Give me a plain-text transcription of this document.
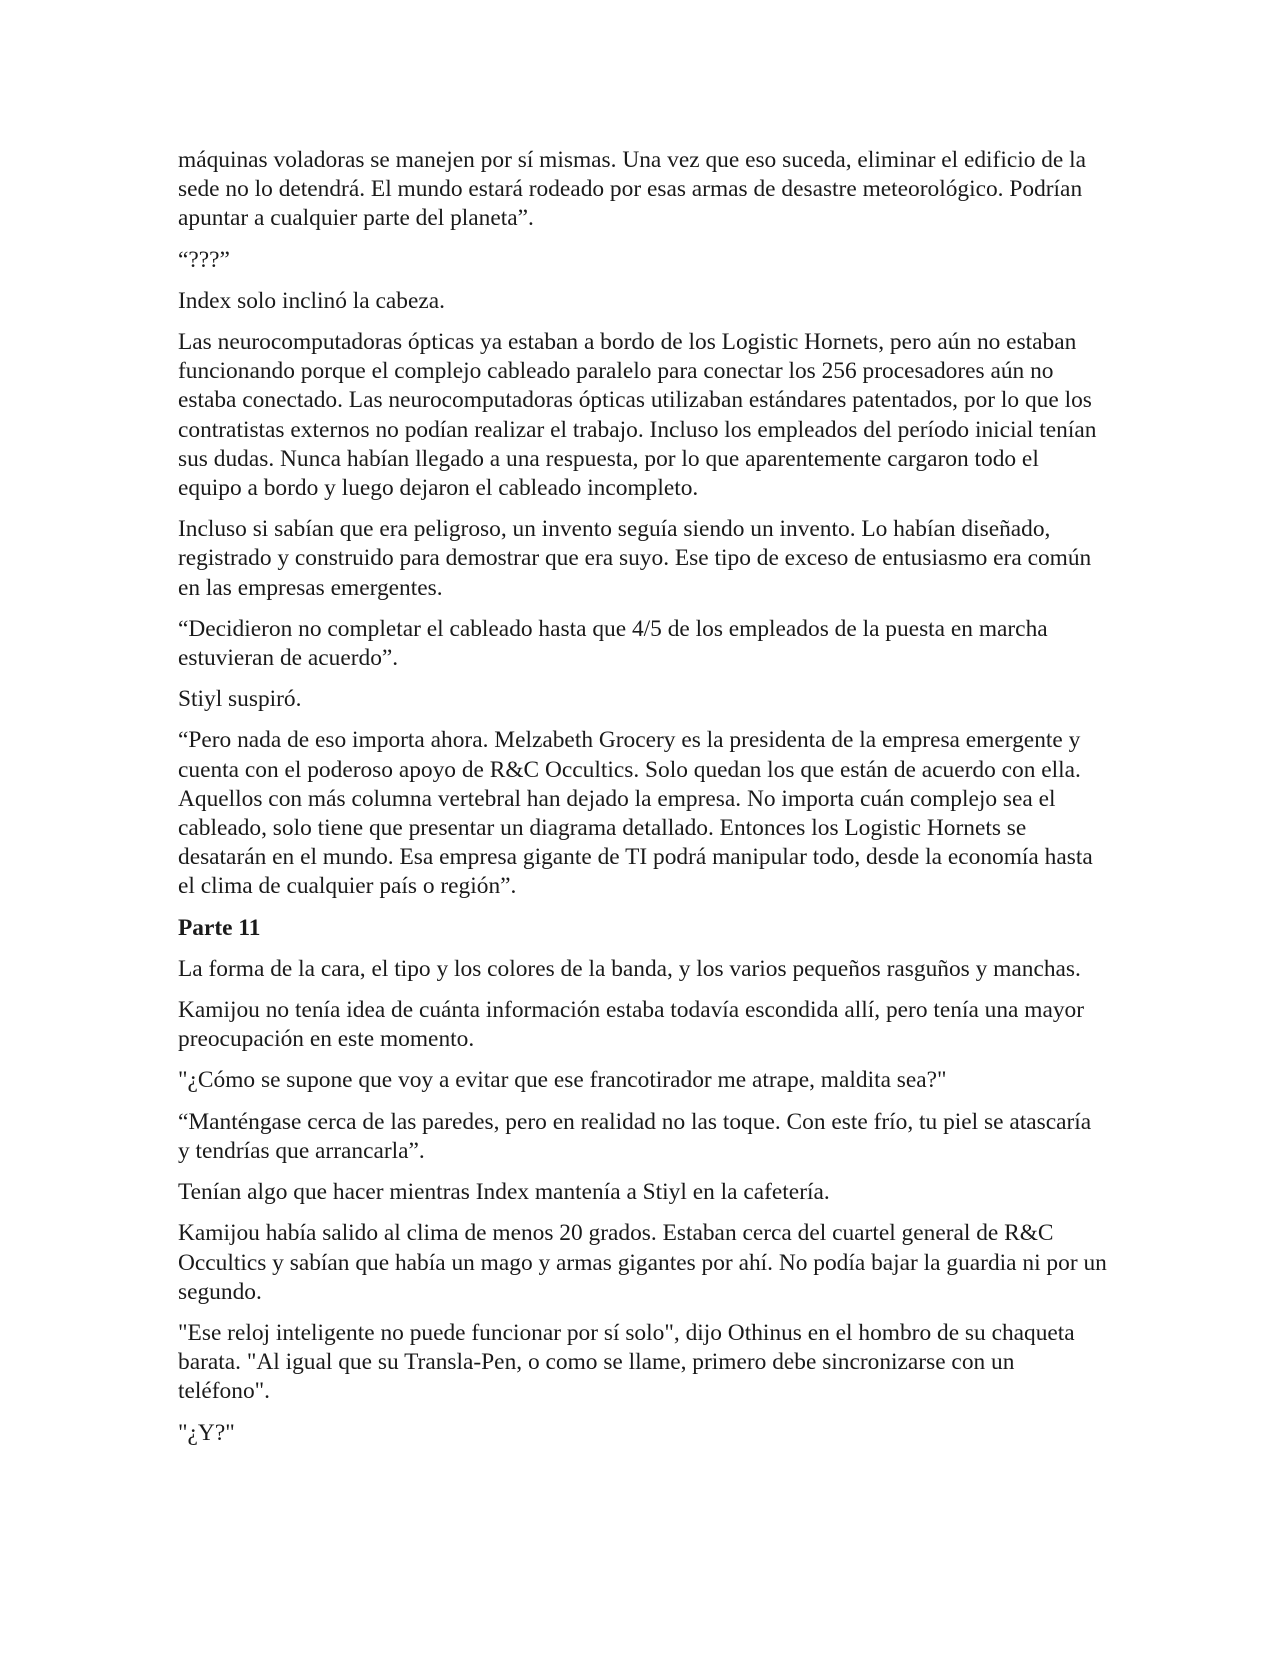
máquinas voladoras se manejen por sí mismas. Una vez que eso suceda, eliminar el edificio de la sede no lo detendrá. El mundo estará rodeado por esas armas de desastre meteorológico. Podrían apuntar a cualquier parte del planeta”.

“???”

Index solo inclinó la cabeza.

Las neurocomputadoras ópticas ya estaban a bordo de los Logistic Hornets, pero aún no estaban funcionando porque el complejo cableado paralelo para conectar los 256 procesadores aún no estaba conectado. Las neurocomputadoras ópticas utilizaban estándares patentados, por lo que los contratistas externos no podían realizar el trabajo. Incluso los empleados del período inicial tenían sus dudas. Nunca habían llegado a una respuesta, por lo que aparentemente cargaron todo el equipo a bordo y luego dejaron el cableado incompleto.

Incluso si sabían que era peligroso, un invento seguía siendo un invento. Lo habían diseñado, registrado y construido para demostrar que era suyo. Ese tipo de exceso de entusiasmo era común en las empresas emergentes.

“Decidieron no completar el cableado hasta que 4/5 de los empleados de la puesta en marcha estuvieran de acuerdo”.

Stiyl suspiró.

“Pero nada de eso importa ahora. Melzabeth Grocery es la presidenta de la empresa emergente y cuenta con el poderoso apoyo de R&C Occultics. Solo quedan los que están de acuerdo con ella. Aquellos con más columna vertebral han dejado la empresa. No importa cuán complejo sea el cableado, solo tiene que presentar un diagrama detallado. Entonces los Logistic Hornets se desatarán en el mundo. Esa empresa gigante de TI podrá manipular todo, desde la economía hasta el clima de cualquier país o región”.

Parte 11

La forma de la cara, el tipo y los colores de la banda, y los varios pequeños rasguños y manchas.

Kamijou no tenía idea de cuánta información estaba todavía escondida allí, pero tenía una mayor preocupación en este momento.

"¿Cómo se supone que voy a evitar que ese francotirador me atrape, maldita sea?"

“Manténgase cerca de las paredes, pero en realidad no las toque. Con este frío, tu piel se atascaría y tendrías que arrancarla”.

Tenían algo que hacer mientras Index mantenía a Stiyl en la cafetería.

Kamijou había salido al clima de menos 20 grados. Estaban cerca del cuartel general de R&C Occultics y sabían que había un mago y armas gigantes por ahí. No podía bajar la guardia ni por un segundo.

"Ese reloj inteligente no puede funcionar por sí solo", dijo Othinus en el hombro de su chaqueta barata. "Al igual que su Transla-Pen, o como se llame, primero debe sincronizarse con un teléfono".

"¿Y?"
